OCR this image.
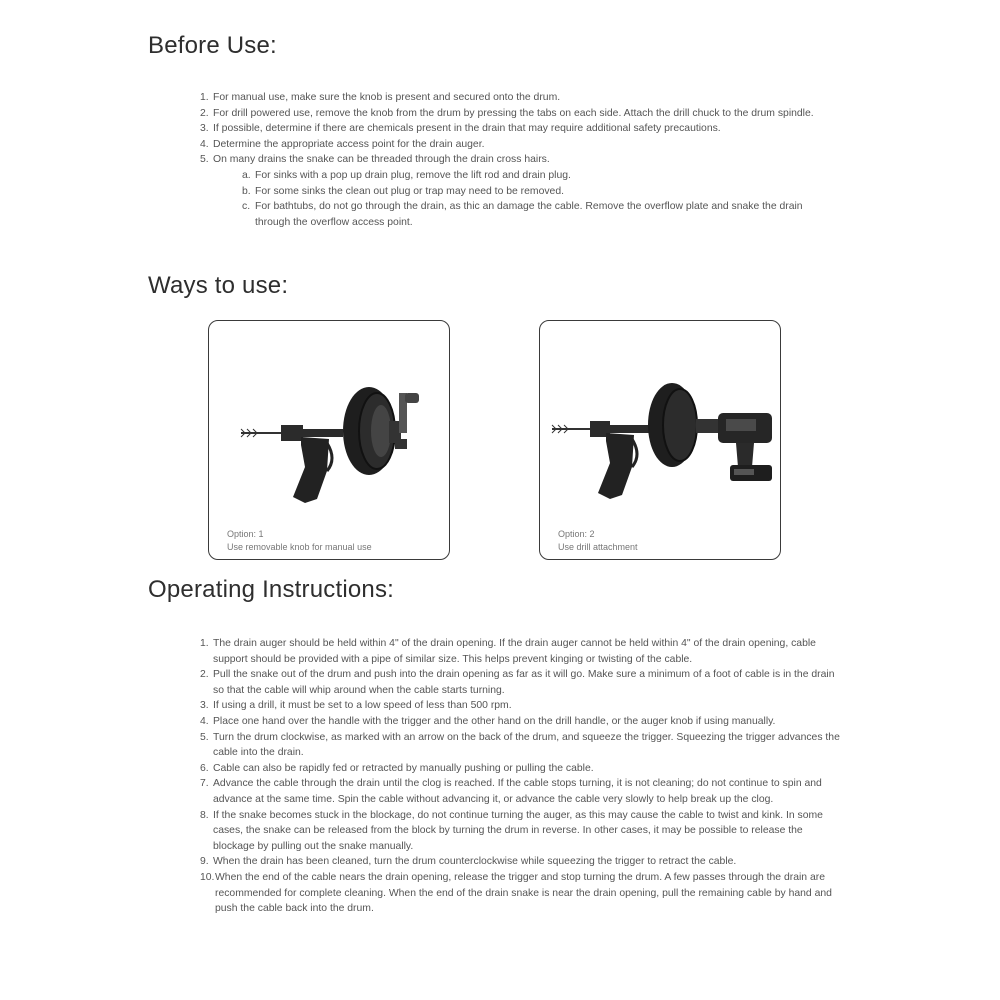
Before Use:
1. For manual use, make sure the knob is present and secured onto the drum.
2. For drill powered use, remove the knob from the drum by pressing the tabs on each side. Attach the drill chuck to the drum spindle.
3. If possible, determine if there are chemicals present in the drain that may require additional safety precautions.
4. Determine the appropriate access point for the drain auger.
5. On many drains the snake can be threaded through the drain cross hairs.
a. For sinks with a pop up drain plug, remove the lift rod and drain plug.
b. For some sinks the clean out plug or trap may need to be removed.
c. For bathtubs, do not go through the drain, as thic an damage the cable. Remove the overflow plate and snake the drain through the overflow access point.
Ways to use:
Option: 1
Use removable knob for manual use
Option: 2
Use drill attachment
Operating Instructions:
1. The drain auger should be held within 4" of the drain opening. If the drain auger cannot be held within 4" of the drain opening, cable support should be provided with a pipe of similar size. This helps prevent kinging or twisting of the cable.
2. Pull the snake out of the drum and push into the drain opening as far as it will go. Make sure a minimum of a foot of cable is in the drain so that the cable will whip around when the cable starts turning.
3. If using a drill, it must be set to a low speed of less than 500 rpm.
4. Place one hand over the handle with the trigger and the other hand on the drill handle, or the auger knob if using manually.
5. Turn the drum clockwise, as marked with an arrow on the back of the drum, and squeeze the trigger. Squeezing the trigger advances the cable into the drain.
6. Cable can also be rapidly fed or retracted by manually pushing or pulling the cable.
7. Advance the cable through the drain until the clog is reached. If the cable stops turning, it is not cleaning; do not continue to spin and advance at the same time. Spin the cable without advancing it, or advance the cable very slowly to help break up the clog.
8. If the snake becomes stuck in the blockage, do not continue turning the auger, as this may cause the cable to twist and kink. In some cases, the snake can be released from the block by turning the drum in reverse. In other cases, it may be possible to release the blockage by pulling out the snake manually.
9. When the drain has been cleaned, turn the drum counterclockwise while squeezing the trigger to retract the cable.
10. When the end of the cable nears the drain opening, release the trigger and stop turning the drum. A few passes through the drain are recommended for complete cleaning. When the end of the drain snake is near the drain opening, pull the remaining cable by hand and push the cable back into the drum.
